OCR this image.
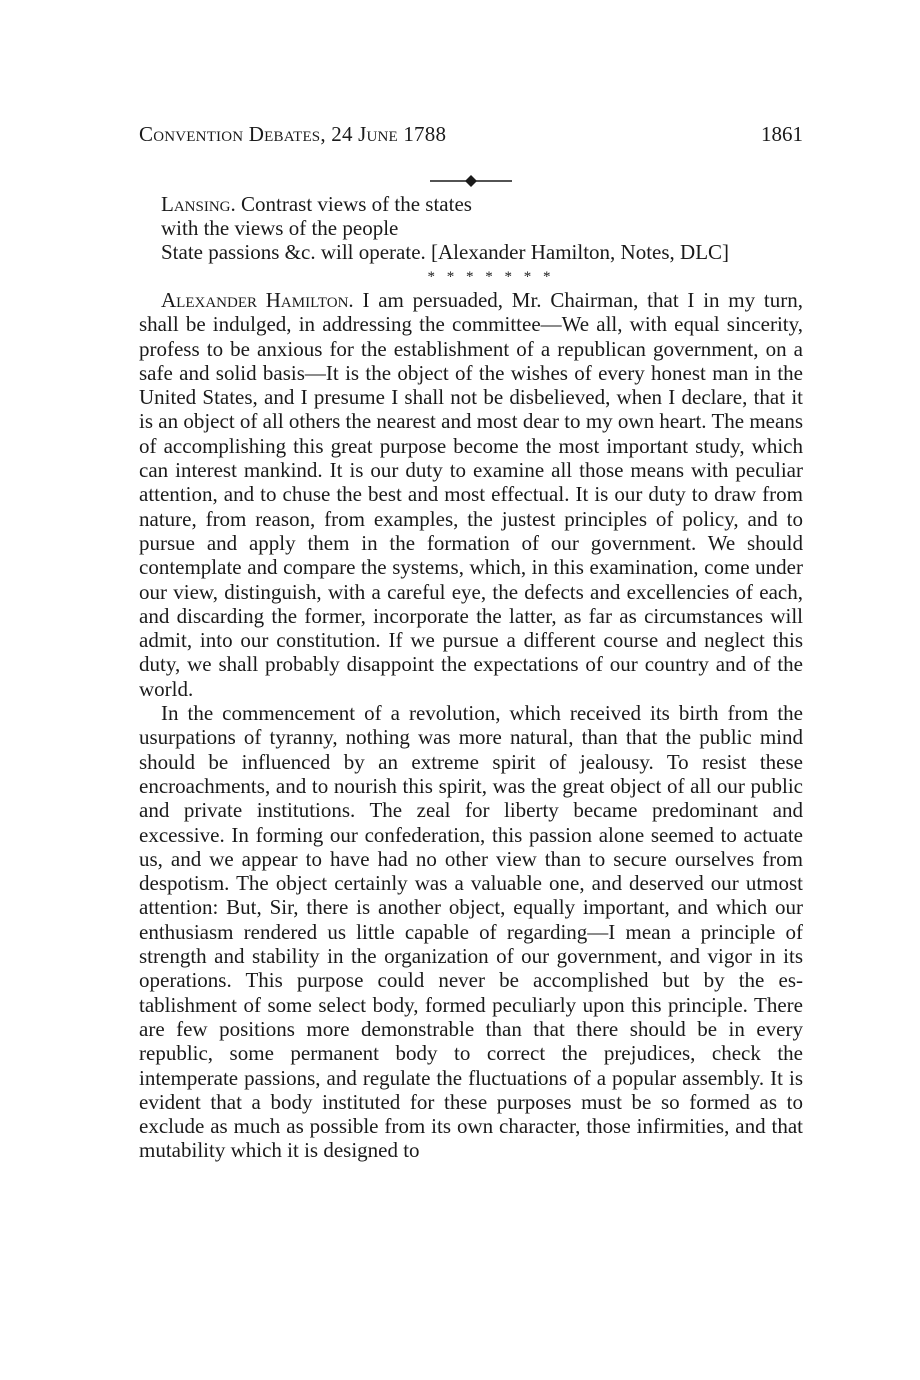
Convention Debates, 24 June 1788	1861
Lansing. Contrast views of the states
with the views of the people
State passions &c. will operate. [Alexander Hamilton, Notes, DLC]
* * * * * * *

Alexander Hamilton. I am persuaded, Mr. Chairman, that I in my turn, shall be indulged, in addressing the committee—We all, with equal sincerity, profess to be anxious for the establishment of a republican government, on a safe and solid basis—It is the object of the wishes of every honest man in the United States, and I presume I shall not be disbelieved, when I declare, that it is an object of all others the nearest and most dear to my own heart. The means of accomplishing this great purpose become the most important study, which can interest mankind. It is our duty to examine all those means with peculiar attention, and to chuse the best and most effectual. It is our duty to draw from nature, from reason, from examples, the justest principles of policy, and to pursue and apply them in the formation of our government. We should contemplate and compare the systems, which, in this examination, come under our view, distinguish, with a careful eye, the defects and excellencies of each, and discarding the former, incorporate the latter, as far as circumstances will admit, into our constitution. If we pursue a different course and neglect this duty, we shall probably disappoint the expectations of our country and of the world.

In the commencement of a revolution, which received its birth from the usurpations of tyranny, nothing was more natural, than that the public mind should be influenced by an extreme spirit of jealousy. To resist these encroachments, and to nourish this spirit, was the great object of all our public and private institutions. The zeal for liberty became predominant and excessive. In forming our confederation, this passion alone seemed to actuate us, and we appear to have had no other view than to secure ourselves from despotism. The object certainly was a valuable one, and deserved our utmost attention: But, Sir, there is another object, equally important, and which our enthusiasm rendered us little capable of regarding—I mean a principle of strength and stability in the organization of our government, and vigor in its operations. This purpose could never be accomplished but by the establishment of some select body, formed peculiarly upon this principle. There are few positions more demonstrable than that there should be in every republic, some permanent body to correct the prejudices, check the intemperate passions, and regulate the fluctuations of a popular assembly. It is evident that a body instituted for these purposes must be so formed as to exclude as much as possible from its own character, those infirmities, and that mutability which it is designed to
